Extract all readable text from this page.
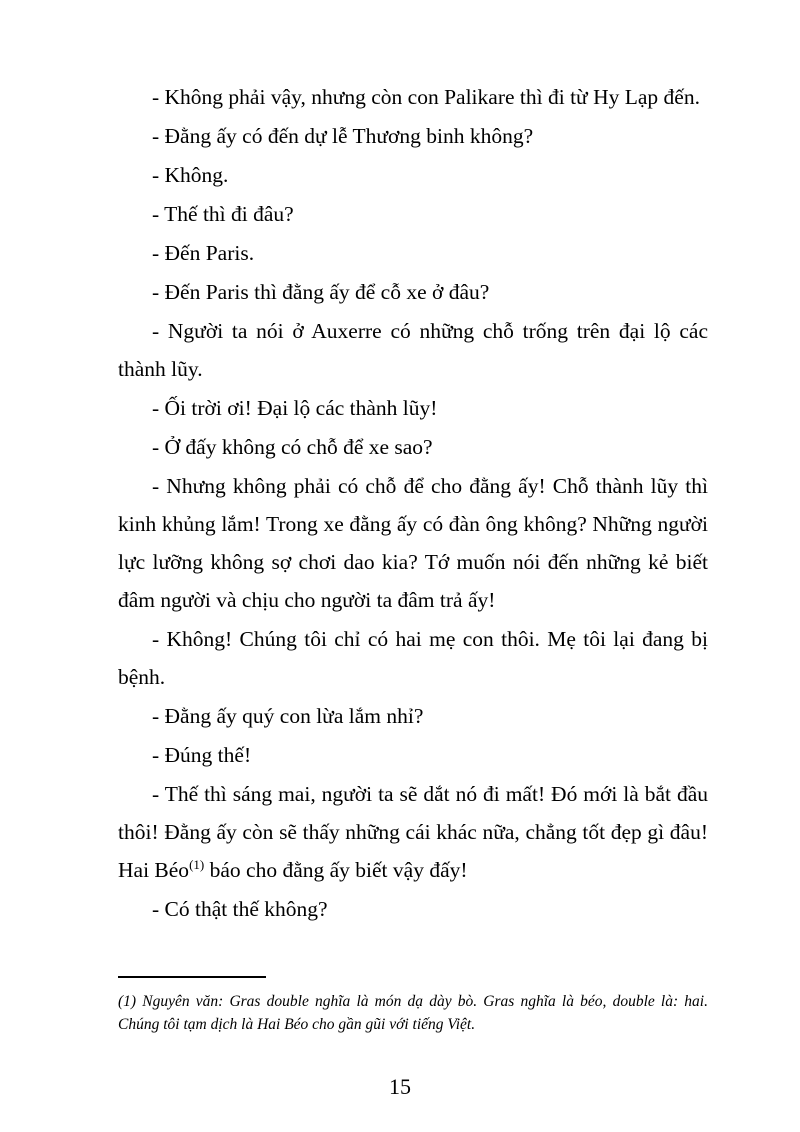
- Không phải vậy, nhưng còn con Palikare thì đi từ Hy Lạp đến.

- Đằng ấy có đến dự lễ Thương binh không?

- Không.

- Thế thì đi đâu?

- Đến Paris.

- Đến Paris thì đằng ấy để cỗ xe ở đâu?

- Người ta nói ở Auxerre có những chỗ trống trên đại lộ các thành lũy.

- Ối trời ơi! Đại lộ các thành lũy!

- Ở đấy không có chỗ để xe sao?

- Nhưng không phải có chỗ để cho đằng ấy! Chỗ thành lũy thì kinh khủng lắm! Trong xe đằng ấy có đàn ông không? Những người lực lưỡng không sợ chơi dao kia? Tớ muốn nói đến những kẻ biết đâm người và chịu cho người ta đâm trả ấy!

- Không! Chúng tôi chỉ có hai mẹ con thôi. Mẹ tôi lại đang bị bệnh.

- Đằng ấy quý con lừa lắm nhỉ?

- Đúng thế!

- Thế thì sáng mai, người ta sẽ dắt nó đi mất! Đó mới là bắt đầu thôi! Đằng ấy còn sẽ thấy những cái khác nữa, chẳng tốt đẹp gì đâu! Hai Béo$^{(1)}$ báo cho đằng ấy biết vậy đấy!

- Có thật thế không?

(1) Nguyên văn: Gras double nghĩa là món dạ dày bò. Gras nghĩa là béo, double là: hai. Chúng tôi tạm dịch là Hai Béo cho gần gũi với tiếng Việt.

15
